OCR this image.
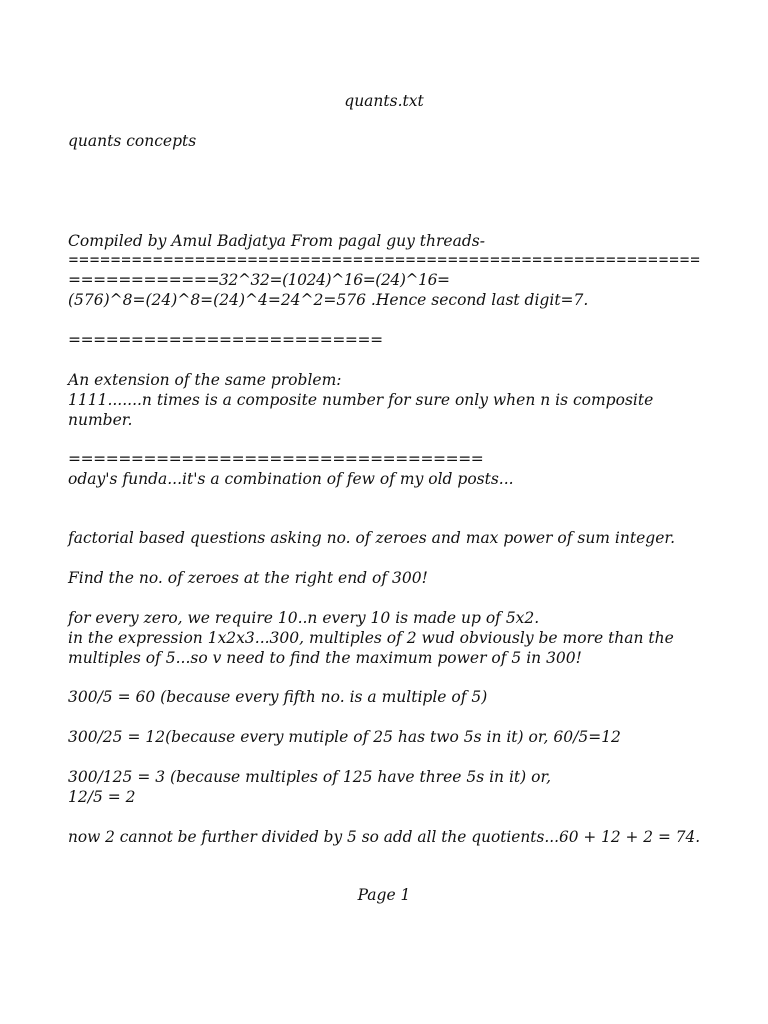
quants.txt
quants concepts
Compiled by Amul Badjatya From pagal guy threads-
============================================================
============32^32=(1024)^16=(24)^16=
(576)^8=(24)^8=(24)^4=24^2=576 .Hence second last digit=7.
=========================
An extension of the same problem:
1111.......n times is a composite number for sure only when n is composite
number.
=================================
oday's funda...it's a combination of few of my old posts...
factorial based questions asking no. of zeroes and max power of sum integer.
Find the no. of zeroes at the right end of 300!
for every zero, we require 10..n every 10 is made up of 5x2.
in the expression 1x2x3...300, multiples of 2 wud obviously be more than the
multiples of 5...so v need to find the maximum power of 5 in 300!
300/5 = 60 (because every fifth no. is a multiple of 5)
300/25 = 12(because every mutiple of 25 has two 5s in it) or, 60/5=12
300/125 = 3 (because multiples of 125 have three 5s in it) or,
12/5 = 2
now 2 cannot be further divided by 5 so add all the quotients...60 + 12 + 2 = 74.
Page 1
